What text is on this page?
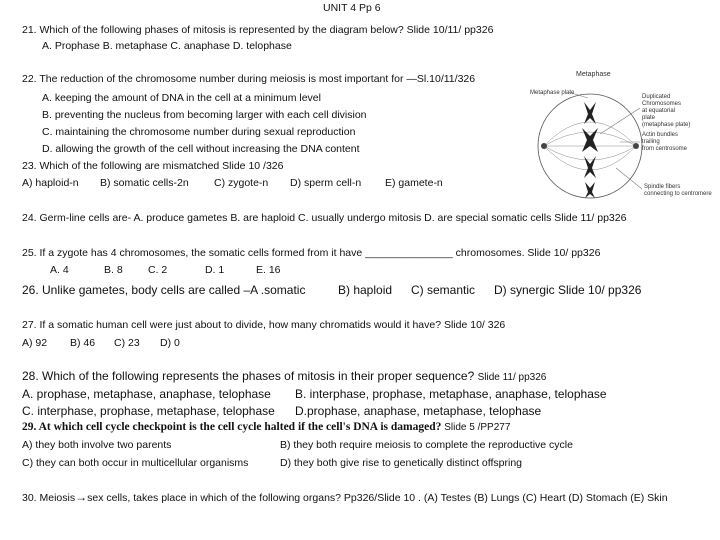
UNIT 4 Pp 6
21. Which of the following phases of mitosis is represented by the diagram below? Slide 10/11/ pp326
A. Prophase B. metaphase C. anaphase D. telophase
22. The reduction of the chromosome number during meiosis is most important for —Sl.10/11/326
A. keeping the amount of DNA in the cell at a minimum level
B. preventing the nucleus from becoming larger with each cell division
C. maintaining the chromosome number during sexual reproduction
D. allowing the growth of the cell without increasing the DNA content
23. Which of the following are mismatched Slide 10 /326
A) haploid-n B) somatic cells-2n C) zygote-n D) sperm cell-n E) gamete-n
Metaphase
Metaphase plate
Duplicated
Chromosomes
at equatorial
plate
(metaphase plate)
Actin bundles
trailing
from centrosome
Spindle fibers
connecting to centromere
24. Germ-line cells are- A. produce gametes B. are haploid C. usually undergo mitosis D. are special somatic cells Slide 11/ pp326
25. If a zygote has 4 chromosomes, the somatic cells formed from it have _______________ chromosomes. Slide 10/ pp326
A. 4	B. 8 C. 2	D. 1	E. 16
26. Unlike gametes, body cells are called –A .somatic	B) haploid C) semantic D) synergic Slide 10/ pp326
27. If a somatic human cell were just about to divide, how many chromatids would it have? Slide 10/ 326
A) 92 B) 46 C) 23 D) 0
28. Which of the following represents the phases of mitosis in their proper sequence? Slide 11/ pp326
A. prophase, metaphase, anaphase, telophase B. interphase, prophase, metaphase, anaphase, telophase
C. interphase, prophase, metaphase, telophase D.prophase, anaphase, metaphase, telophase
29. At which cell cycle checkpoint is the cell cycle halted if the cell's DNA is damaged? Slide 5 /PP277
A) they both involve two parents	B) they both require meiosis to complete the reproductive cycle
C) they can both occur in multicellular organisms	D) they both give rise to genetically distinct offspring
30. Meiosis→sex cells, takes place in which of the following organs? Pp326/Slide 10 . (A) Testes (B) Lungs (C) Heart (D) Stomach (E) Skin
